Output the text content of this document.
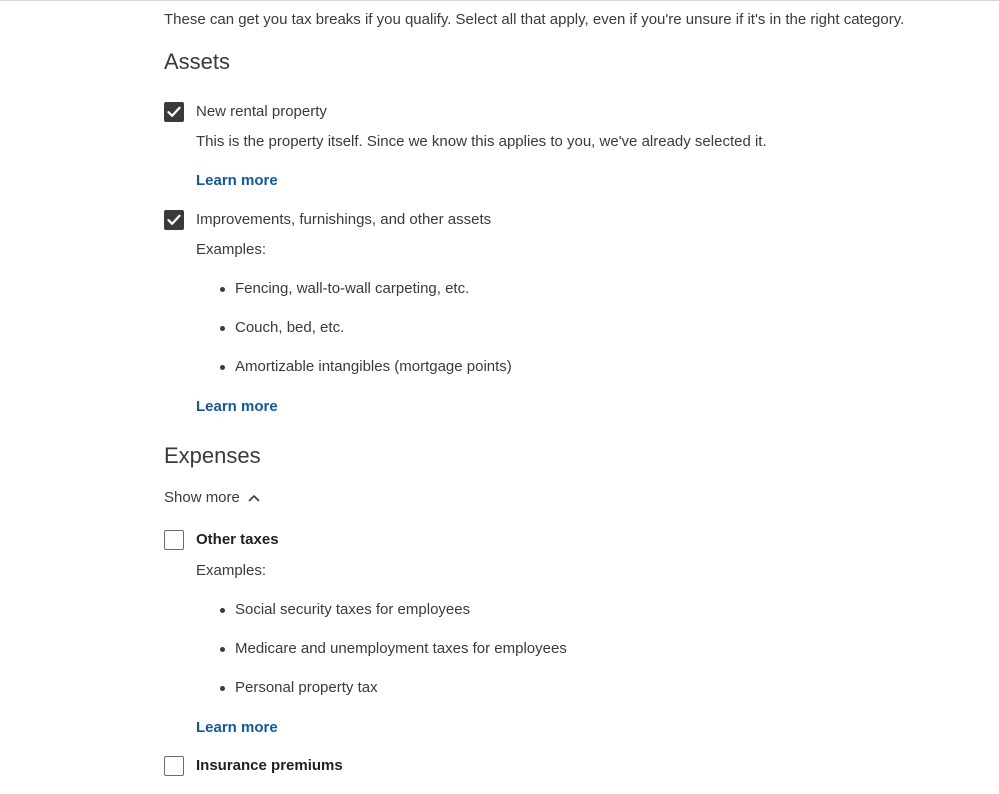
These can get you tax breaks if you qualify. Select all that apply, even if you're unsure if it's in the right category.
Assets
New rental property
This is the property itself. Since we know this applies to you, we've already selected it.
Learn more
Improvements, furnishings, and other assets
Examples:
Fencing, wall-to-wall carpeting, etc.
Couch, bed, etc.
Amortizable intangibles (mortgage points)
Learn more
Expenses
Show more
Other taxes
Examples:
Social security taxes for employees
Medicare and unemployment taxes for employees
Personal property tax
Learn more
Insurance premiums
